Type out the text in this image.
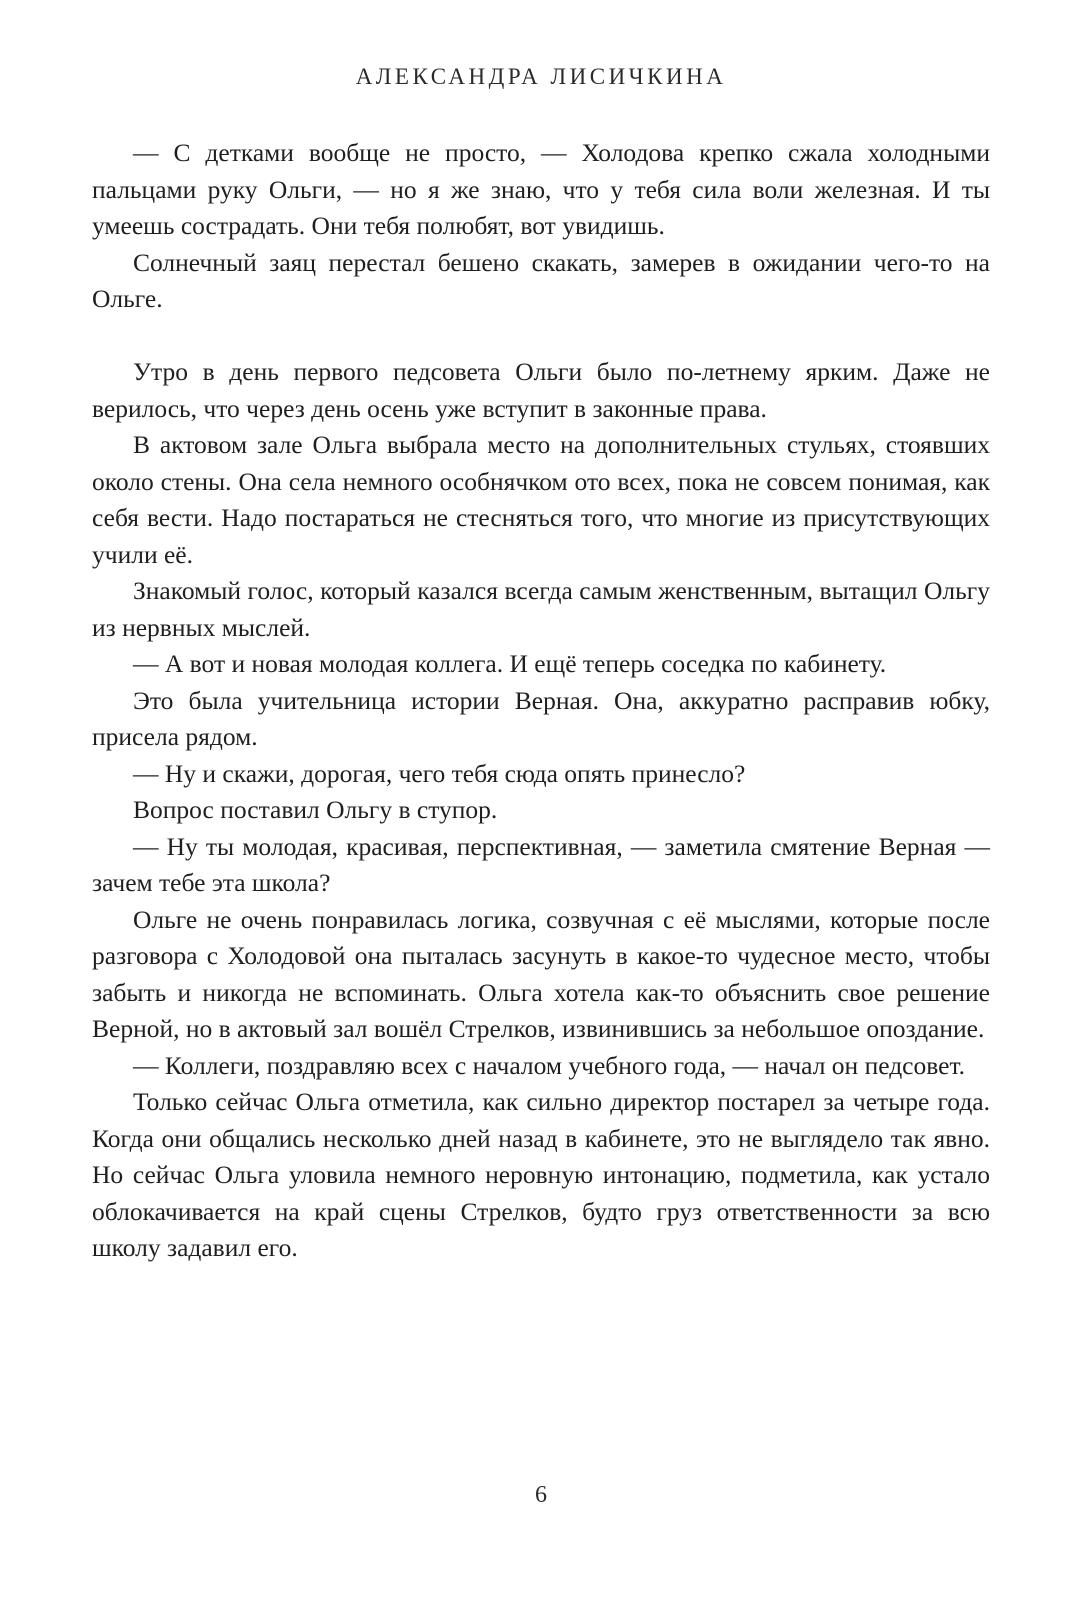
АЛЕКСАНДРА ЛИСИЧКИНА

— С детками вообще не просто, — Холодова крепко сжала холодными пальцами руку Ольги, — но я же знаю, что у тебя сила воли железная. И ты умеешь сострадать. Они тебя полюбят, вот увидишь.

Солнечный заяц перестал бешено скакать, замерев в ожидании чего-то на Ольге.

Утро в день первого педсовета Ольги было по-летнему ярким. Даже не верилось, что через день осень уже вступит в законные права.

В актовом зале Ольга выбрала место на дополнительных стульях, стоявших около стены. Она села немного особнячком ото всех, пока не совсем понимая, как себя вести. Надо постараться не стесняться того, что многие из присутствующих учили её.

Знакомый голос, который казался всегда самым женственным, вытащил Ольгу из нервных мыслей.

— А вот и новая молодая коллега. И ещё теперь соседка по кабинету.

Это была учительница истории Верная. Она, аккуратно расправив юбку, присела рядом.

— Ну и скажи, дорогая, чего тебя сюда опять принесло?

Вопрос поставил Ольгу в ступор.

— Ну ты молодая, красивая, перспективная, — заметила смятение Верная — зачем тебе эта школа?

Ольге не очень понравилась логика, созвучная с её мыслями, которые после разговора с Холодовой она пыталась засунуть в какое-то чудесное место, чтобы забыть и никогда не вспоминать. Ольга хотела как-то объяснить свое решение Верной, но в актовый зал вошёл Стрелков, извинившись за небольшое опоздание.

— Коллеги, поздравляю всех с началом учебного года, — начал он педсовет.

Только сейчас Ольга отметила, как сильно директор постарел за четыре года. Когда они общались несколько дней назад в кабинете, это не выглядело так явно. Но сейчас Ольга уловила немного неровную интонацию, подметила, как устало облокачивается на край сцены Стрелков, будто груз ответственности за всю школу задавил его.

6
